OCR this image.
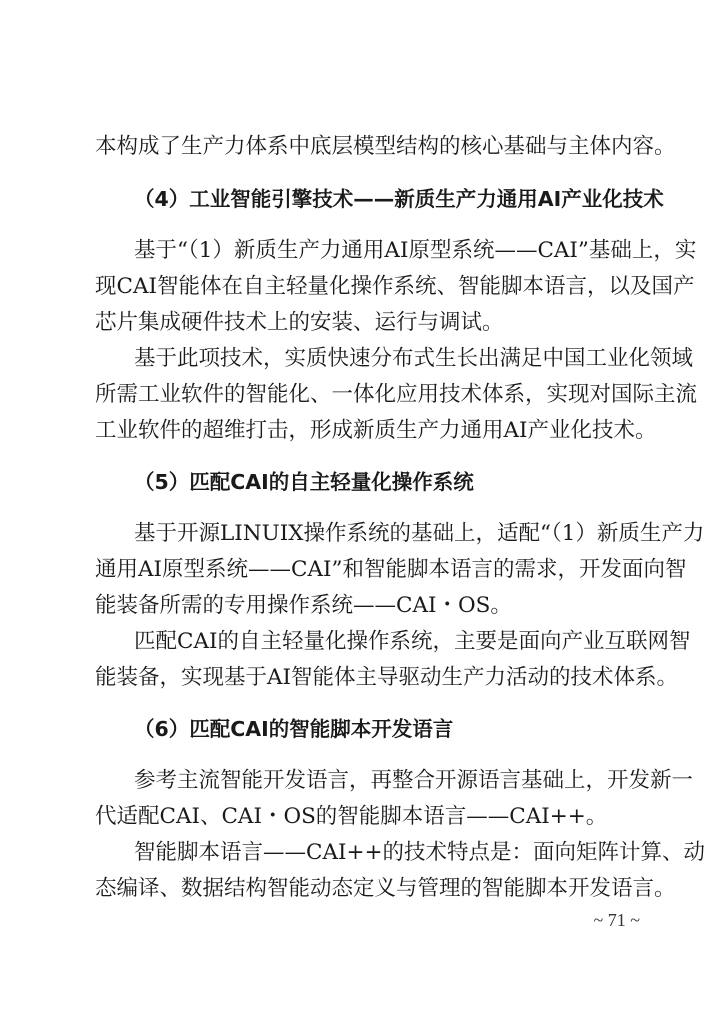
本构成了生产力体系中底层模型结构的核心基础与主体内容。
（4）工业智能引擎技术——新质生产力通用AI产业化技术
基于“（1）新质生产力通用AI原型系统——CAI”基础上，实
现CAI智能体在自主轻量化操作系统、智能脚本语言，以及国产
芯片集成硬件技术上的安装、运行与调试。
基于此项技术，实质快速分布式生长出满足中国工业化领域
所需工业软件的智能化、一体化应用技术体系，实现对国际主流
工业软件的超维打击，形成新质生产力通用AI产业化技术。
（5）匹配CAI的自主轻量化操作系统
基于开源LINUIX操作系统的基础上，适配“（1）新质生产力
通用AI原型系统——CAI”和智能脚本语言的需求，开发面向智
能装备所需的专用操作系统——CAI・OS。
匹配CAI的自主轻量化操作系统，主要是面向产业互联网智
能装备，实现基于AI智能体主导驱动生产力活动的技术体系。
（6）匹配CAI的智能脚本开发语言
参考主流智能开发语言，再整合开源语言基础上，开发新一
代适配CAI、CAI・OS的智能脚本语言——CAI++。
智能脚本语言——CAI++的技术特点是：面向矩阵计算、动
态编译、数据结构智能动态定义与管理的智能脚本开发语言。
~ 71 ~
